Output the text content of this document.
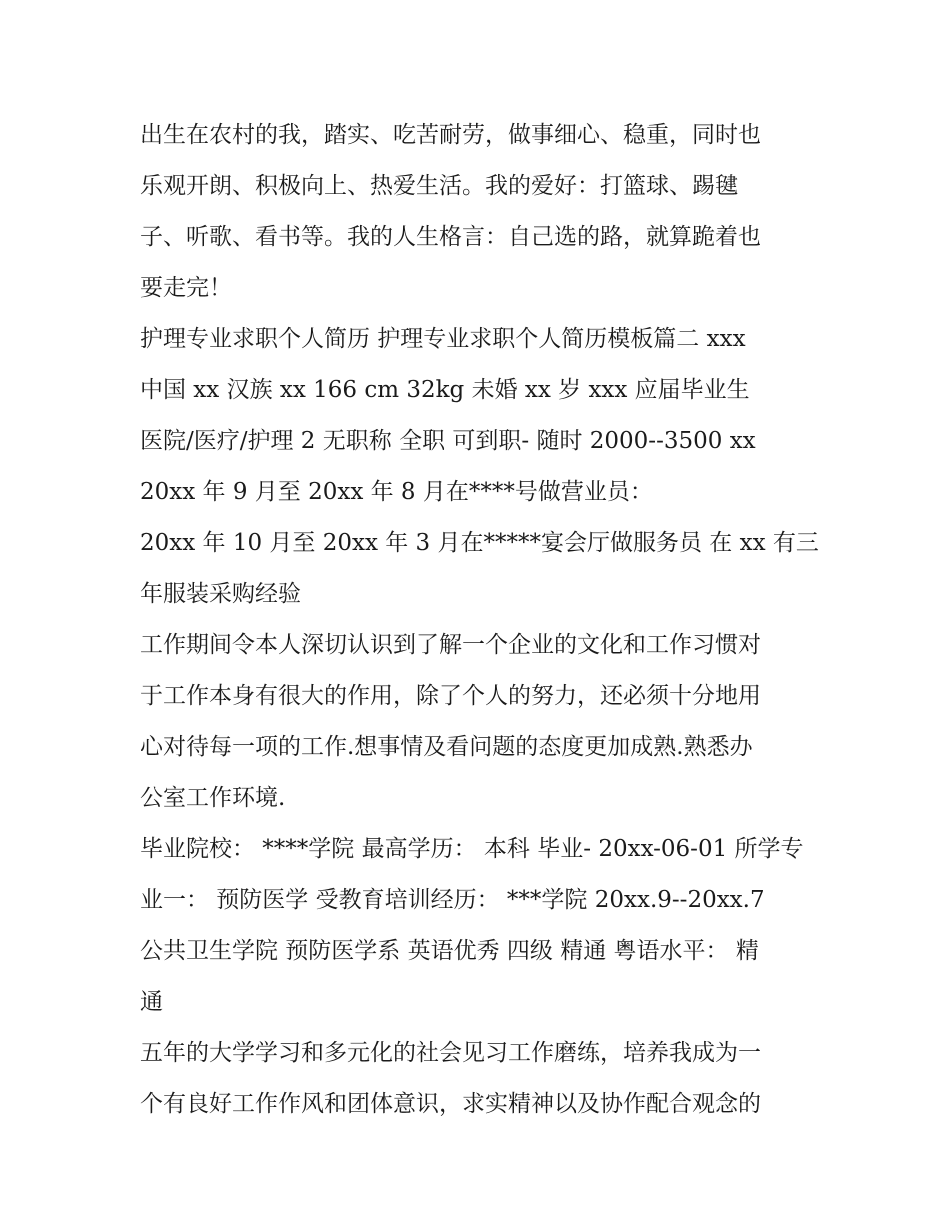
出生在农村的我，踏实、吃苦耐劳，做事细心、稳重，同时也
乐观开朗、积极向上、热爱生活。我的爱好：打篮球、踢毽
子、听歌、看书等。我的人生格言：自己选的路，就算跪着也
要走完！
护理专业求职个人简历 护理专业求职个人简历模板篇二 xxx
中国 xx 汉族 xx 166 cm 32kg 未婚 xx 岁 xxx 应届毕业生
医院/医疗/护理 2 无职称 全职 可到职- 随时 2000--3500 xx
20xx 年 9 月至 20xx 年 8 月在****号做营业员：
20xx 年 10 月至 20xx 年 3 月在*****宴会厅做服务员 在 xx 有三
年服装采购经验
工作期间令本人深切认识到了解一个企业的文化和工作习惯对
于工作本身有很大的作用，除了个人的努力，还必须十分地用
心对待每一项的工作.想事情及看问题的态度更加成熟.熟悉办
公室工作环境.
毕业院校： ****学院 最高学历： 本科 毕业- 20xx-06-01 所学专
业一： 预防医学 受教育培训经历： ***学院 20xx.9--20xx.7
公共卫生学院 预防医学系 英语优秀 四级 精通 粤语水平： 精
通
五年的大学学习和多元化的社会见习工作磨练，培养我成为一
个有良好工作作风和团体意识，求实精神以及协作配合观念的
